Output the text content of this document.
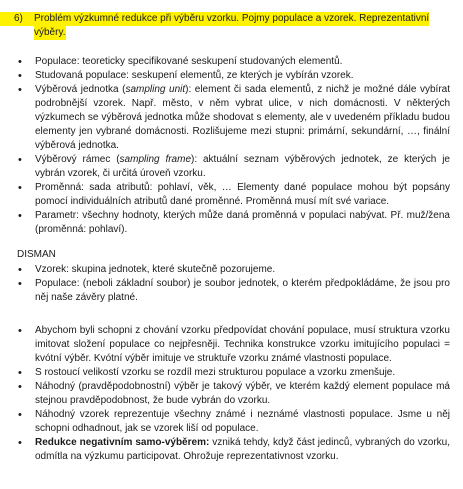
6)	Problém výzkumné redukce při výběru vzorku. Pojmy populace a vzorek. Reprezentativní
výběry.
• Populace: teoreticky specifikované seskupení studovaných elementů.
• Studovaná populace: seskupení elementů, ze kterých je vybírán vzorek.
• Výběrová jednotka (sampling unit): element či sada elementů, z nichž je možné dále vybírat podrobnější vzorek. Např. město, v něm vybrat ulice, v nich domácnosti. V některých výzkumech se výběrová jednotka může shodovat s elementy, ale v uvedeném příkladu budou elementy jen vybrané domácnosti. Rozlišujeme mezi stupni: primární, sekundární, …, finální výběrová jednotka.
• Výběrový rámec (sampling frame): aktuální seznam výběrových jednotek, ze kterých je vybrán vzorek, či určitá úroveň vzorku.
• Proměnná: sada atributů: pohlaví, věk, … Elementy dané populace mohou být popsány pomocí individuálních atributů dané proměnné. Proměnná musí mít své variace.
• Parametr: všechny hodnoty, kterých může daná proměnná v populaci nabývat. Př. muž/žena (proměnná: pohlaví).
DISMAN
• Vzorek: skupina jednotek, které skutečně pozorujeme.
• Populace: (neboli základní soubor) je soubor jednotek, o kterém předpokládáme, že jsou pro něj naše závěry platné.
• Abychom byli schopni z chování vzorku předpovídat chování populace, musí struktura vzorku imitovat složení populace co nejpřesněji. Technika konstrukce vzorku imitujícího populaci = kvótní výběr. Kvótní výběr imituje ve struktuře vzorku známé vlastnosti populace.
• S rostoucí velikostí vzorku se rozdíl mezi strukturou populace a vzorku zmenšuje.
• Náhodný (pravděpodobnostní) výběr je takový výběr, ve kterém každý element populace má stejnou pravděpodobnost, že bude vybrán do vzorku.
• Náhodný vzorek reprezentuje všechny známé i neznámé vlastnosti populace. Jsme u něj schopni odhadnout, jak se vzorek liší od populace.
• Redukce negativním samo-výběrem: vzniká tehdy, když část jedinců, vybraných do vzorku, odmítla na výzkumu participovat. Ohrožuje reprezentativnost vzorku.
